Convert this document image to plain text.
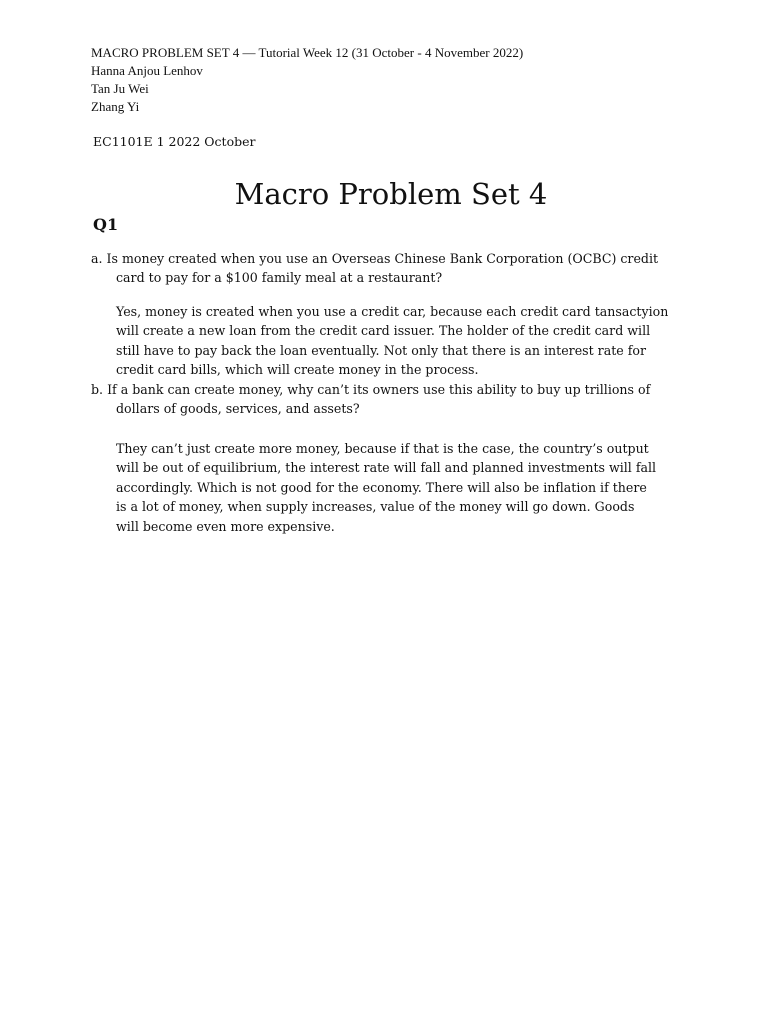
MACRO PROBLEM SET 4 — Tutorial Week 12 (31 October - 4 November 2022)
Hanna Anjou Lenhov
Tan Ju Wei
Zhang Yi
EC1101E 1 2022 October
Macro Problem Set 4
Q1
a. Is money created when you use an Overseas Chinese Bank Corporation (OCBC) credit
card to pay for a $100 family meal at a restaurant?
Yes, money is created when you use a credit car, because each credit card tansactyion
will create a new loan from the credit card issuer. The holder of the credit card will
still have to pay back the loan eventually. Not only that there is an interest rate for
credit card bills, which will create money in the process.
b. If a bank can create money, why can’t its owners use this ability to buy up trillions of
dollars of goods, services, and assets?
They can’t just create more money, because if that is the case, the country’s output
will be out of equilibrium, the interest rate will fall and planned investments will fall
accordingly. Which is not good for the economy. There will also be inflation if there
is a lot of money, when supply increases, value of the money will go down. Goods
will become even more expensive.
